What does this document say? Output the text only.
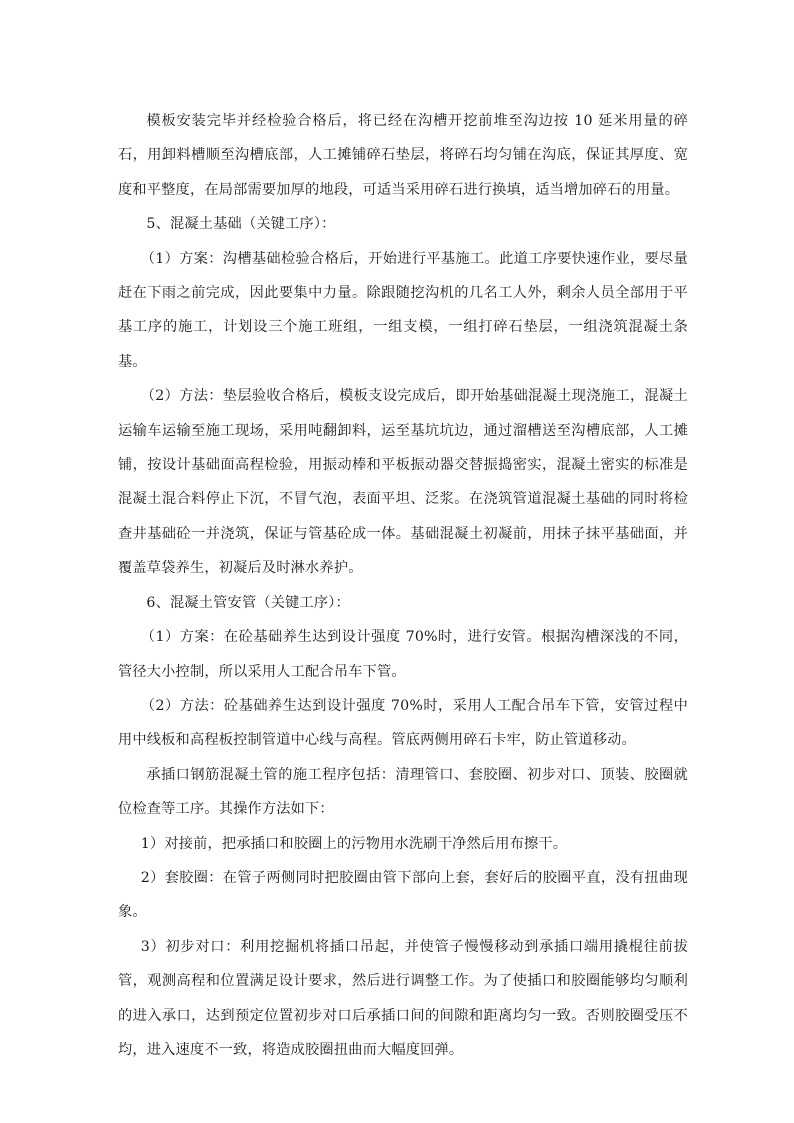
模板安装完毕并经检验合格后，将已经在沟槽开挖前堆至沟边按 10 延米用量的碎石，用卸料槽顺至沟槽底部，人工摊铺碎石垫层，将碎石均匀铺在沟底，保证其厚度、宽度和平整度，在局部需要加厚的地段，可适当采用碎石进行换填，适当增加碎石的用量。

5、混凝土基础（关键工序）：

（1）方案：沟槽基础检验合格后，开始进行平基施工。此道工序要快速作业，要尽量赶在下雨之前完成，因此要集中力量。除跟随挖沟机的几名工人外，剩余人员全部用于平基工序的施工，计划设三个施工班组，一组支模，一组打碎石垫层，一组浇筑混凝土条基。

（2）方法：垫层验收合格后，模板支设完成后，即开始基础混凝土现浇施工，混凝土运输车运输至施工现场，采用吨翻卸料，运至基坑坑边，通过溜槽送至沟槽底部，人工摊铺，按设计基础面高程检验，用振动棒和平板振动器交替振捣密实，混凝土密实的标准是混凝土混合料停止下沉，不冒气泡，表面平坦、泛浆。在浇筑管道混凝土基础的同时将检查井基础砼一并浇筑，保证与管基砼成一体。基础混凝土初凝前，用抹子抹平基础面，并覆盖草袋养生，初凝后及时淋水养护。

6、混凝土管安管（关键工序）：

（1）方案：在砼基础养生达到设计强度 70%时，进行安管。根据沟槽深浅的不同，管径大小控制，所以采用人工配合吊车下管。

（2）方法：砼基础养生达到设计强度 70%时，采用人工配合吊车下管，安管过程中用中线板和高程板控制管道中心线与高程。管底两侧用碎石卡牢，防止管道移动。

承插口钢筋混凝土管的施工程序包括：清理管口、套胶圈、初步对口、顶装、胶圈就位检查等工序。其操作方法如下：

1）对接前，把承插口和胶圈上的污物用水洗刷干净然后用布擦干。

2）套胶圈：在管子两侧同时把胶圈由管下部向上套，套好后的胶圈平直，没有扭曲现象。

3）初步对口：利用挖掘机将插口吊起，并使管子慢慢移动到承插口端用撬棍往前拔管，观测高程和位置满足设计要求，然后进行调整工作。为了使插口和胶圈能够均匀顺利的进入承口，达到预定位置初步对口后承插口间的间隙和距离均匀一致。否则胶圈受压不均，进入速度不一致，将造成胶圈扭曲而大幅度回弹。
